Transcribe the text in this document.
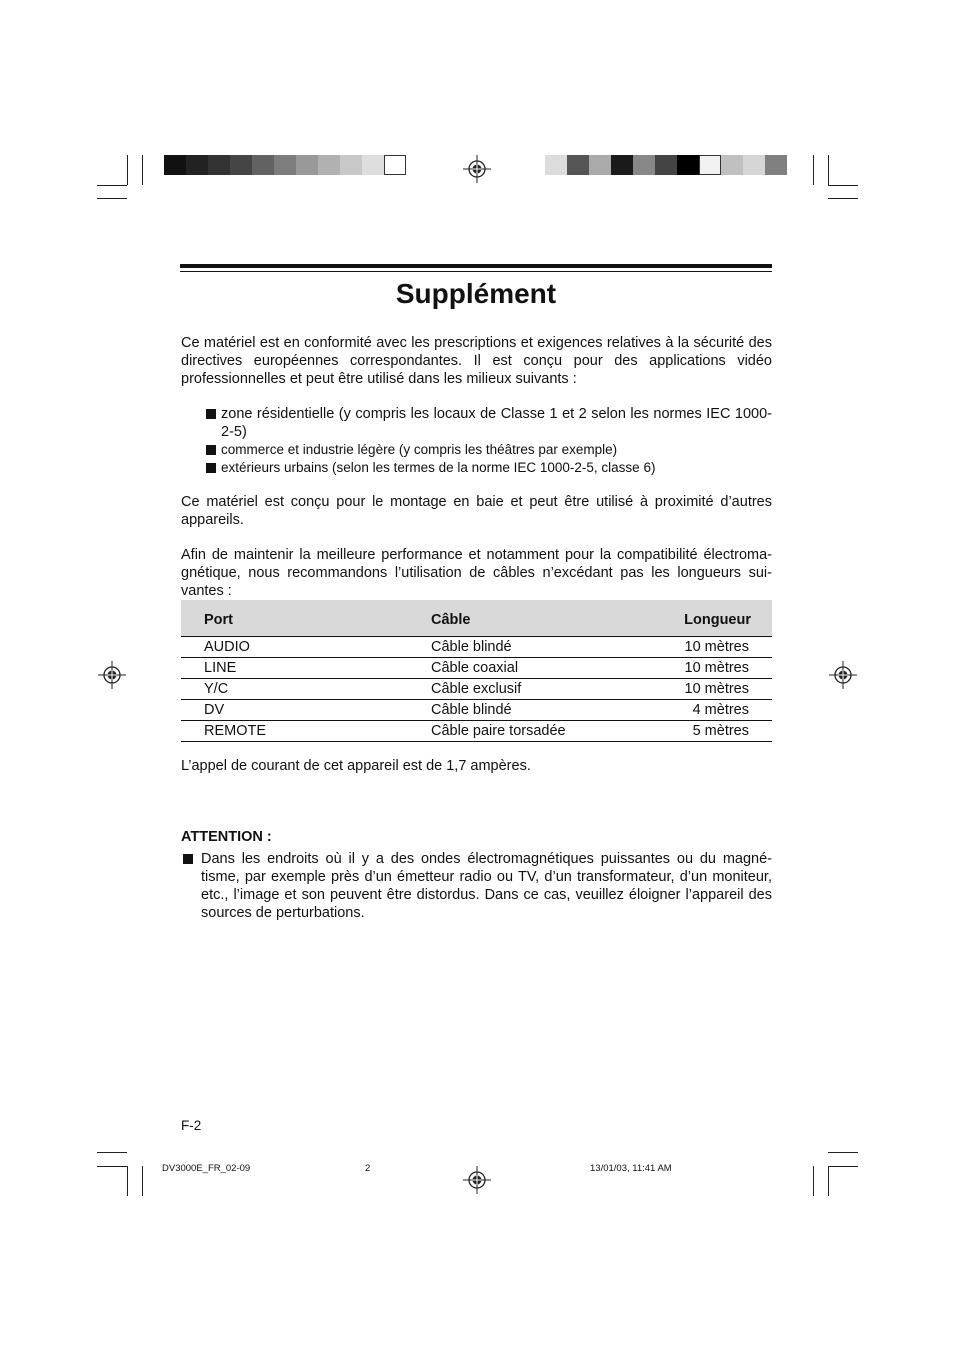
Supplément
Ce matériel est en conformité avec les prescriptions et exigences relatives à la sécurité des directives européennes correspondantes. Il est conçu pour des applications vidéo professionnelles et peut être utilisé dans les milieux suivants :
zone résidentielle (y compris les locaux de Classe 1 et 2 selon les normes IEC 1000-2-5)
commerce et industrie légère (y compris les théâtres par exemple)
extérieurs urbains (selon les termes de la norme IEC 1000-2-5, classe 6)
Ce matériel est conçu pour le montage en baie et peut être utilisé à proximité d’autres appareils.
Afin de maintenir la meilleure performance et notamment pour la compatibilité électroma-gnétique, nous recommandons l’utilisation de câbles n’excédant pas les longueurs sui-vantes :
Port	Câble	Longueur
AUDIO	Câble blindé	10 mètres
LINE	Câble coaxial	10 mètres
Y/C	Câble exclusif	10 mètres
DV	Câble blindé	4 mètres
REMOTE	Câble paire torsadée	5 mètres
L’appel de courant de cet appareil est de 1,7 ampères.
ATTENTION :
Dans les endroits où il y a des ondes électromagnétiques puissantes ou du magné-tisme, par exemple près d’un émetteur radio ou TV, d’un transformateur, d’un moniteur, etc., l’image et son peuvent être distordus. Dans ce cas, veuillez éloigner l’appareil des sources de perturbations.
F-2
DV3000E_FR_02-09	2	13/01/03, 11:41 AM
